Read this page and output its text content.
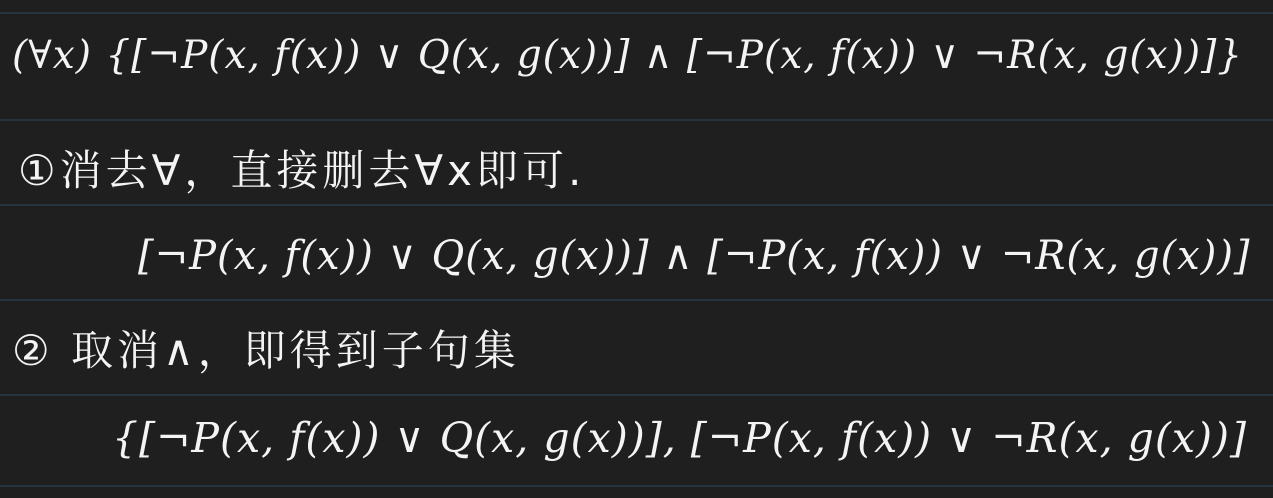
(∀x) {[¬P(x, f(x)) ∨ Q(x, g(x))] ∧ [¬P(x, f(x)) ∨ ¬R(x, g(x))]}
①消去∀，直接删去∀x即可.
[¬P(x, f(x)) ∨ Q(x, g(x))] ∧ [¬P(x, f(x)) ∨ ¬R(x, g(x))]
② 取消∧，即得到子句集
{[¬P(x, f(x)) ∨ Q(x, g(x))], [¬P(x, f(x)) ∨ ¬R(x, g(x))]
